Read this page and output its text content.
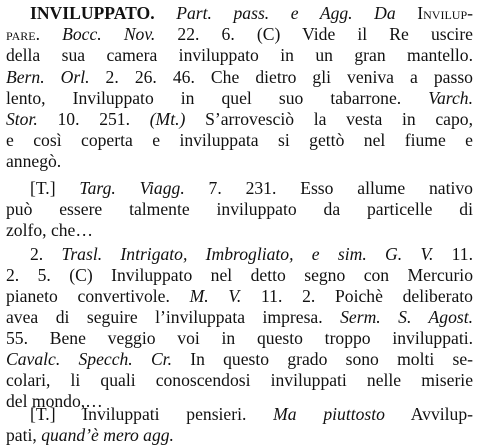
INVILUPPATO. Part. pass. e Agg. Da Invilup-
pare. Bocc. Nov. 22. 6. (C) Vide il Re uscire
della sua camera inviluppato in un gran mantello.
Bern. Orl. 2. 26. 46. Che dietro gli veniva a passo
lento, Inviluppato in quel suo tabarrone. Varch.
Stor. 10. 251. (Mt.) S’arrovesciò la vesta in capo,
e così coperta e inviluppata si gettò nel fiume e
annegò.
[T.] Targ. Viagg. 7. 231. Esso allume nativo
può essere talmente inviluppato da particelle di
zolfo, che…
2. Trasl. Intrigato, Imbrogliato, e sim. G. V. 11.
2. 5. (C) Inviluppato nel detto segno con Mercurio
pianeto convertivole. M. V. 11. 2. Poichè deliberato
avea di seguire l’inviluppata impresa. Serm. S. Agost.
55. Bene veggio voi in questo troppo inviluppati.
Cavalc. Specch. Cr. In questo grado sono molti se-
colari, li quali conoscendosi inviluppati nelle miserie
del mondo,…
[T.] Inviluppati pensieri. Ma piuttosto Avvilup-
pati, quand’è mero agg.
